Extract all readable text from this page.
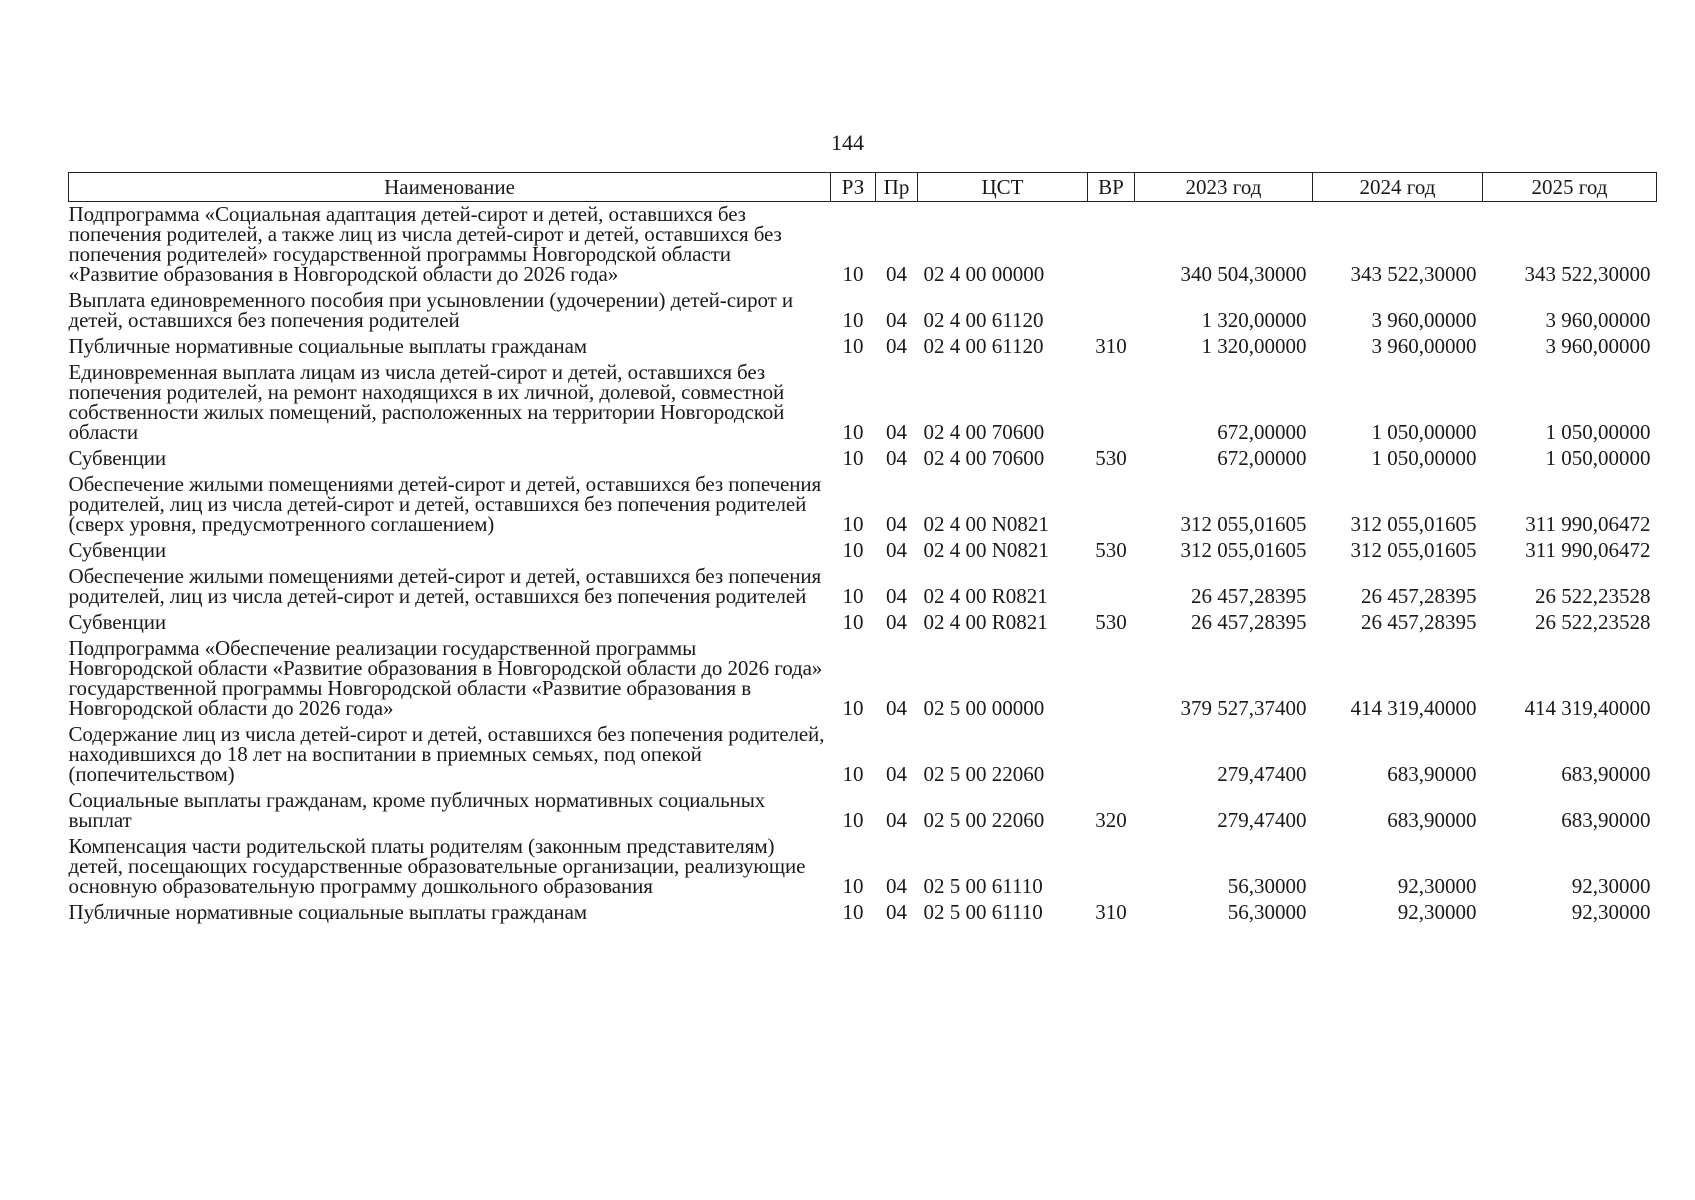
144
Наименование	РЗ	Пр	ЦСТ	ВР	2023 год	2024 год	2025 год
Подпрограмма «Социальная адаптация детей-сирот и детей, оставшихся без попечения родителей, а также лиц из числа детей-сирот и детей, оставшихся без попечения родителей» государственной программы Новгородской области «Развитие образования в Новгородской области до 2026 года»	10	04	02 4 00 00000		340 504,30000	343 522,30000	343 522,30000
Выплата единовременного пособия при усыновлении (удочерении) детей-сирот и детей, оставшихся без попечения родителей	10	04	02 4 00 61120		1 320,00000	3 960,00000	3 960,00000
Публичные нормативные социальные выплаты гражданам	10	04	02 4 00 61120	310	1 320,00000	3 960,00000	3 960,00000
Единовременная выплата лицам из числа детей-сирот и детей, оставшихся без попечения родителей, на ремонт находящихся в их личной, долевой, совместной собственности жилых помещений, расположенных на территории Новгородской области	10	04	02 4 00 70600		672,00000	1 050,00000	1 050,00000
Субвенции	10	04	02 4 00 70600	530	672,00000	1 050,00000	1 050,00000
Обеспечение жилыми помещениями детей-сирот и детей, оставшихся без попечения родителей, лиц из числа детей-сирот и детей, оставшихся без попечения родителей (сверх уровня, предусмотренного соглашением)	10	04	02 4 00 N0821		312 055,01605	312 055,01605	311 990,06472
Субвенции	10	04	02 4 00 N0821	530	312 055,01605	312 055,01605	311 990,06472
Обеспечение жилыми помещениями детей-сирот и детей, оставшихся без попечения родителей, лиц из числа детей-сирот и детей, оставшихся без попечения родителей	10	04	02 4 00 R0821		26 457,28395	26 457,28395	26 522,23528
Субвенции	10	04	02 4 00 R0821	530	26 457,28395	26 457,28395	26 522,23528
Подпрограмма «Обеспечение реализации государственной программы Новгородской области «Развитие образования в Новгородской области до 2026 года» государственной программы Новгородской области «Развитие образования в Новгородской области до 2026 года»	10	04	02 5 00 00000		379 527,37400	414 319,40000	414 319,40000
Содержание лиц из числа детей-сирот и детей, оставшихся без попечения родителей, находившихся до 18 лет на воспитании в приемных семьях, под опекой (попечительством)	10	04	02 5 00 22060		279,47400	683,90000	683,90000
Социальные выплаты гражданам, кроме публичных нормативных социальных выплат	10	04	02 5 00 22060	320	279,47400	683,90000	683,90000
Компенсация части родительской платы родителям (законным представителям) детей, посещающих государственные образовательные организации, реализующие основную образовательную программу дошкольного образования	10	04	02 5 00 61110		56,30000	92,30000	92,30000
Публичные нормативные социальные выплаты гражданам	10	04	02 5 00 61110	310	56,30000	92,30000	92,30000
